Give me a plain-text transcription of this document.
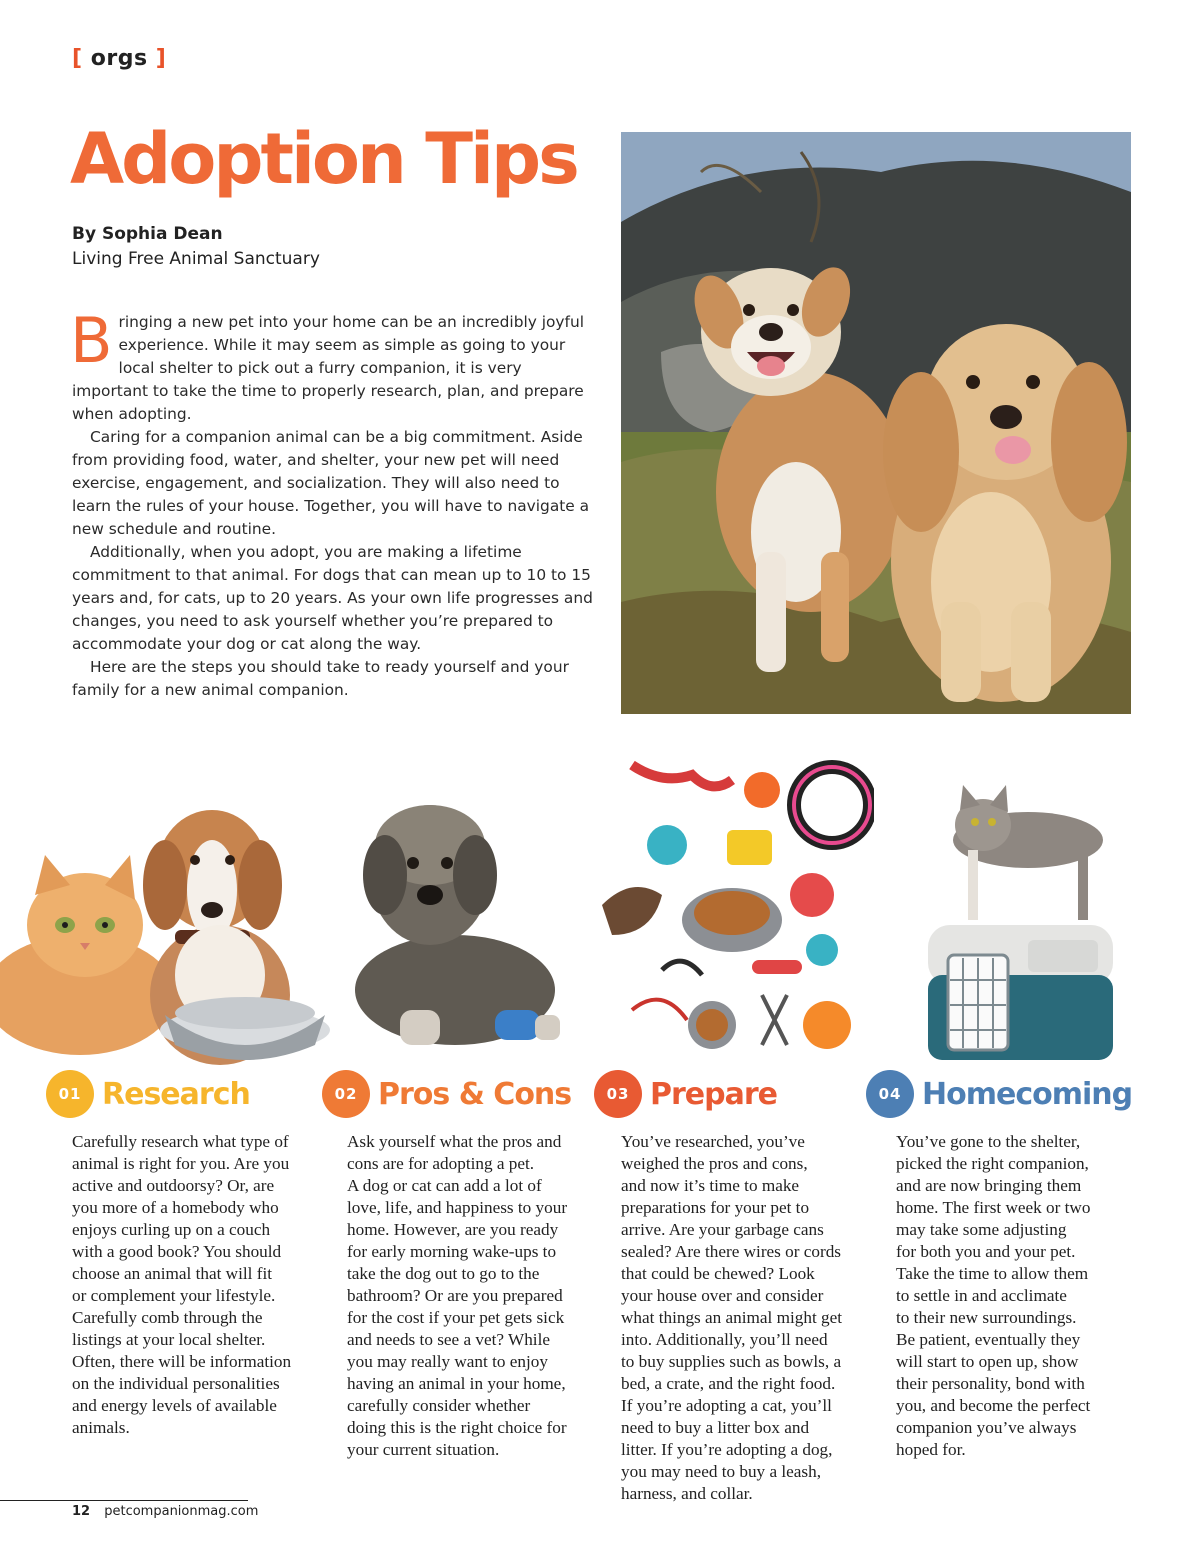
[ orgs ]
Adoption Tips
By Sophia Dean
Living Free Animal Sanctuary

Bringing a new pet into your home can be an incredibly joyful experience. While it may seem as simple as going to your local shelter to pick out a furry companion, it is very important to take the time to properly research, plan, and prepare when adopting.

Caring for a companion animal can be a big commitment. Aside from providing food, water, and shelter, your new pet will need exercise, engagement, and socialization. They will also need to learn the rules of your house. Together, you will have to navigate a new schedule and routine.

Additionally, when you adopt, you are making a lifetime commitment to that animal. For dogs that can mean up to 10 to 15 years and, for cats, up to 20 years. As your own life progresses and changes, you need to ask yourself whether you’re prepared to accommodate your dog or cat along the way.

Here are the steps you should take to ready yourself and your family for a new animal companion.

01 Research
Carefully research what type of
animal is right for you. Are you
active and outdoorsy? Or, are
you more of a homebody who
enjoys curling up on a couch
with a good book? You should
choose an animal that will fit
or complement your lifestyle.
Carefully comb through the
listings at your local shelter.
Often, there will be information
on the individual personalities
and energy levels of available
animals.
02 Pros & Cons
Ask yourself what the pros and
cons are for adopting a pet.
A dog or cat can add a lot of
love, life, and happiness to your
home. However, are you ready
for early morning wake-ups to
take the dog out to go to the
bathroom? Or are you prepared
for the cost if your pet gets sick
and needs to see a vet? While
you may really want to enjoy
having an animal in your home,
carefully consider whether
doing this is the right choice for
your current situation.
03 Prepare
You’ve researched, you’ve
weighed the pros and cons,
and now it’s time to make
preparations for your pet to
arrive. Are your garbage cans
sealed? Are there wires or cords
that could be chewed? Look
your house over and consider
what things an animal might get
into. Additionally, you’ll need
to buy supplies such as bowls, a
bed, a crate, and the right food.
If you’re adopting a cat, you’ll
need to buy a litter box and
litter. If you’re adopting a dog,
you may need to buy a leash,
harness, and collar.
04 Homecoming
You’ve gone to the shelter,
picked the right companion,
and are now bringing them
home. The first week or two
may take some adjusting
for both you and your pet.
Take the time to allow them
to settle in and acclimate
to their new surroundings.
Be patient, eventually they
will start to open up, show
their personality, bond with
you, and become the perfect
companion you’ve always
hoped for.
12 petcompanionmag.com
